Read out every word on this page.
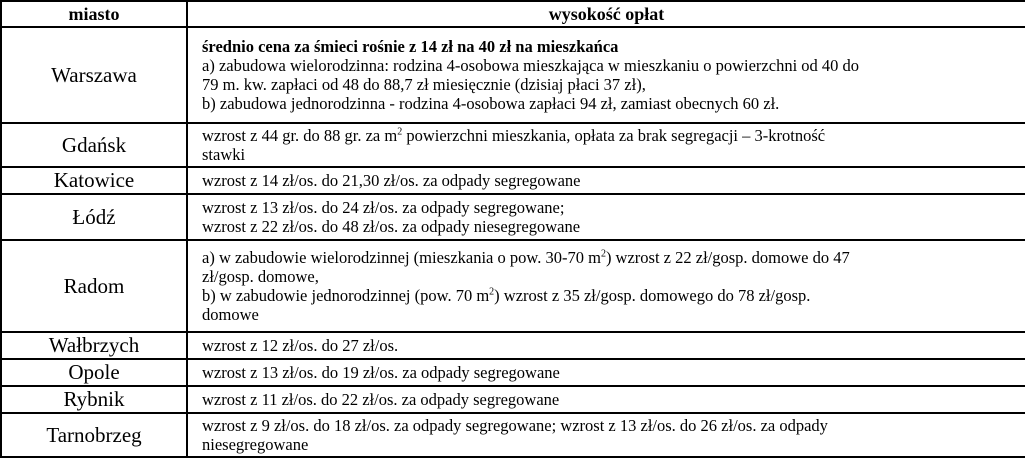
miasto	wysokość opłat
Warszawa	średnio cena za śmieci rośnie z 14 zł na 40 zł na mieszkańca
a) zabudowa wielorodzinna: rodzina 4-osobowa mieszkająca w mieszkaniu o powierzchni od 40 do
79 m. kw. zapłaci od 48 do 88,7 zł miesięcznie (dzisiaj płaci 37 zł),
b) zabudowa jednorodzinna - rodzina 4-osobowa zapłaci 94 zł, zamiast obecnych 60 zł.

Gdańsk	wzrost z 44 gr. do 88 gr. za $m^2$ powierzchni mieszkania, opłata za brak segregacji – 3-krotność
stawki

Katowice	wzrost z 14 zł/os. do 21,30 zł/os. za odpady segregowane

Łódź	wzrost z 13 zł/os. do 24 zł/os. za odpady segregowane;
wzrost z 22 zł/os. do 48 zł/os. za odpady niesegregowane

Radom	a) w zabudowie wielorodzinnej (mieszkania o pow. 30-70 $m^2$) wzrost z 22 zł/gosp. domowe do 47
zł/gosp. domowe,
b) w zabudowie jednorodzinnej (pow. 70 $m^2$) wzrost z 35 zł/gosp. domowego do 78 zł/gosp.
domowe

Wałbrzych	wzrost z 12 zł/os. do 27 zł/os.

Opole	wzrost z 13 zł/os. do 19 zł/os. za odpady segregowane

Rybnik	wzrost z 11 zł/os. do 22 zł/os. za odpady segregowane

Tarnobrzeg	wzrost z 9 zł/os. do 18 zł/os. za odpady segregowane; wzrost z 13 zł/os. do 26 zł/os. za odpady
niesegregowane
